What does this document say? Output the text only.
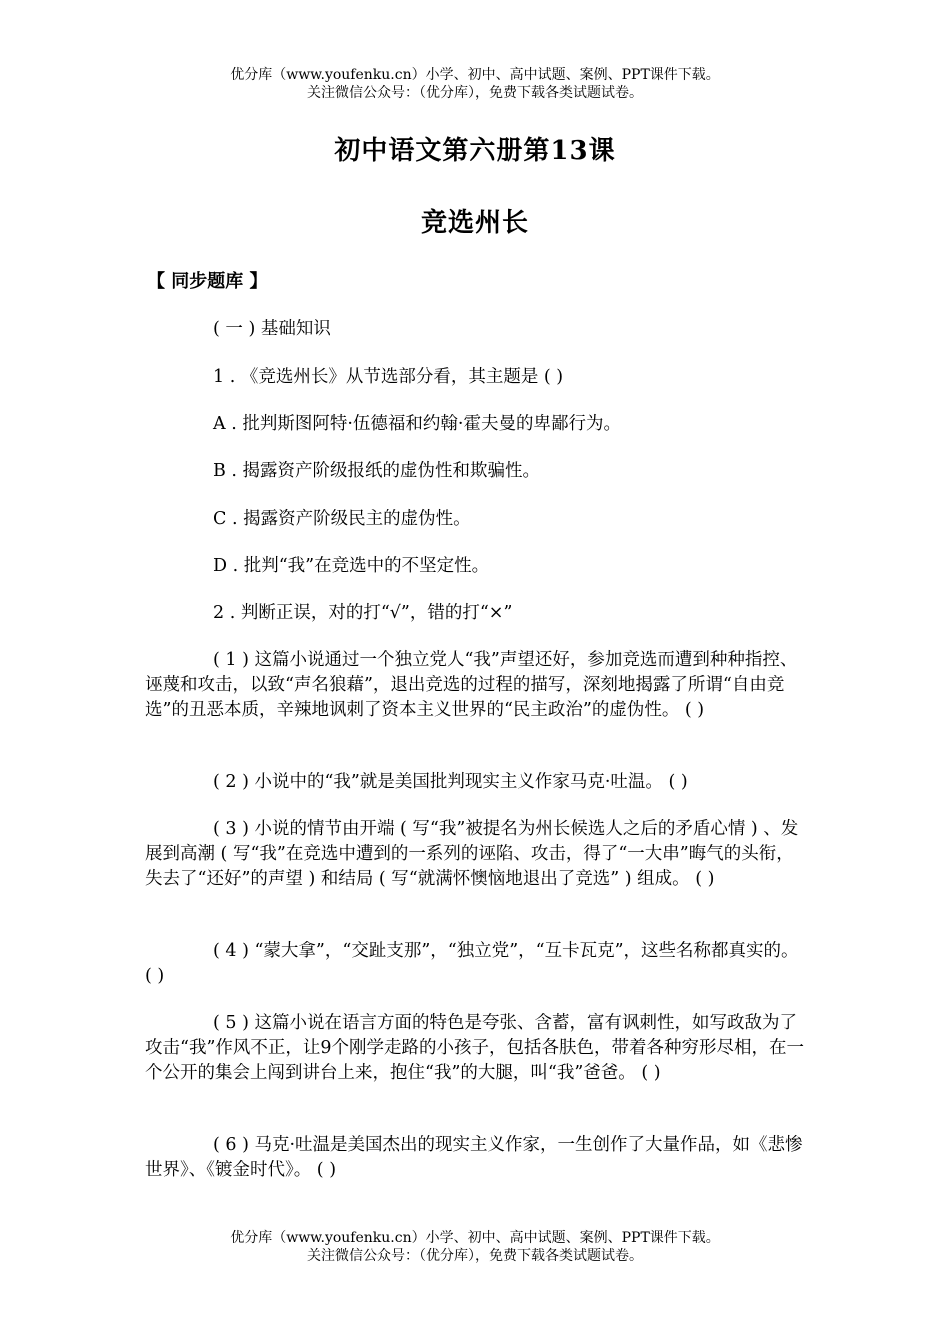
优分库（www.youfenku.cn）小学、初中、高中试题、案例、PPT课件下载。
关注微信公众号：（优分库），免费下载各类试题试卷。
初中语文第六册第13课
竞选州长
【 同步题库 】
( 一 ) 基础知识
1 . 《竞选州长》从节选部分看，其主题是 ( )
A . 批判斯图阿特·伍德福和约翰·霍夫曼的卑鄙行为。
B . 揭露资产阶级报纸的虚伪性和欺骗性。
C . 揭露资产阶级民主的虚伪性。
D . 批判“我”在竞选中的不坚定性。
2 . 判断正误，对的打“√”，错的打“×”
( 1 ) 这篇小说通过一个独立党人“我”声望还好，参加竞选而遭到种种指控、诬蔑和攻击，以致“声名狼藉”，退出竞选的过程的描写，深刻地揭露了所谓“自由竞选”的丑恶本质，辛辣地讽刺了资本主义世界的“民主政治”的虚伪性。 ( )
( 2 ) 小说中的“我”就是美国批判现实主义作家马克·吐温。 ( )
( 3 ) 小说的情节由开端 ( 写“我”被提名为州长候选人之后的矛盾心情 ) 、发展到高潮 ( 写“我”在竞选中遭到的一系列的诬陷、攻击，得了“一大串”晦气的头衔，失去了“还好”的声望 ) 和结局 ( 写“就满怀懊恼地退出了竞选” ) 组成。 ( )
( 4 ) “蒙大拿”，“交趾支那”，“独立党”，“互卡瓦克”，这些名称都真实的。 ( )
( 5 ) 这篇小说在语言方面的特色是夸张、含蓄，富有讽刺性，如写政敌为了攻击“我”作风不正，让9个刚学走路的小孩子，包括各肤色，带着各种穷形尽相，在一个公开的集会上闯到讲台上来，抱住“我”的大腿，叫“我”爸爸。 ( )
( 6 ) 马克·吐温是美国杰出的现实主义作家，一生创作了大量作品，如《悲惨世界》、《镀金时代》。 ( )
优分库（www.youfenku.cn）小学、初中、高中试题、案例、PPT课件下载。
关注微信公众号：（优分库），免费下载各类试题试卷。
